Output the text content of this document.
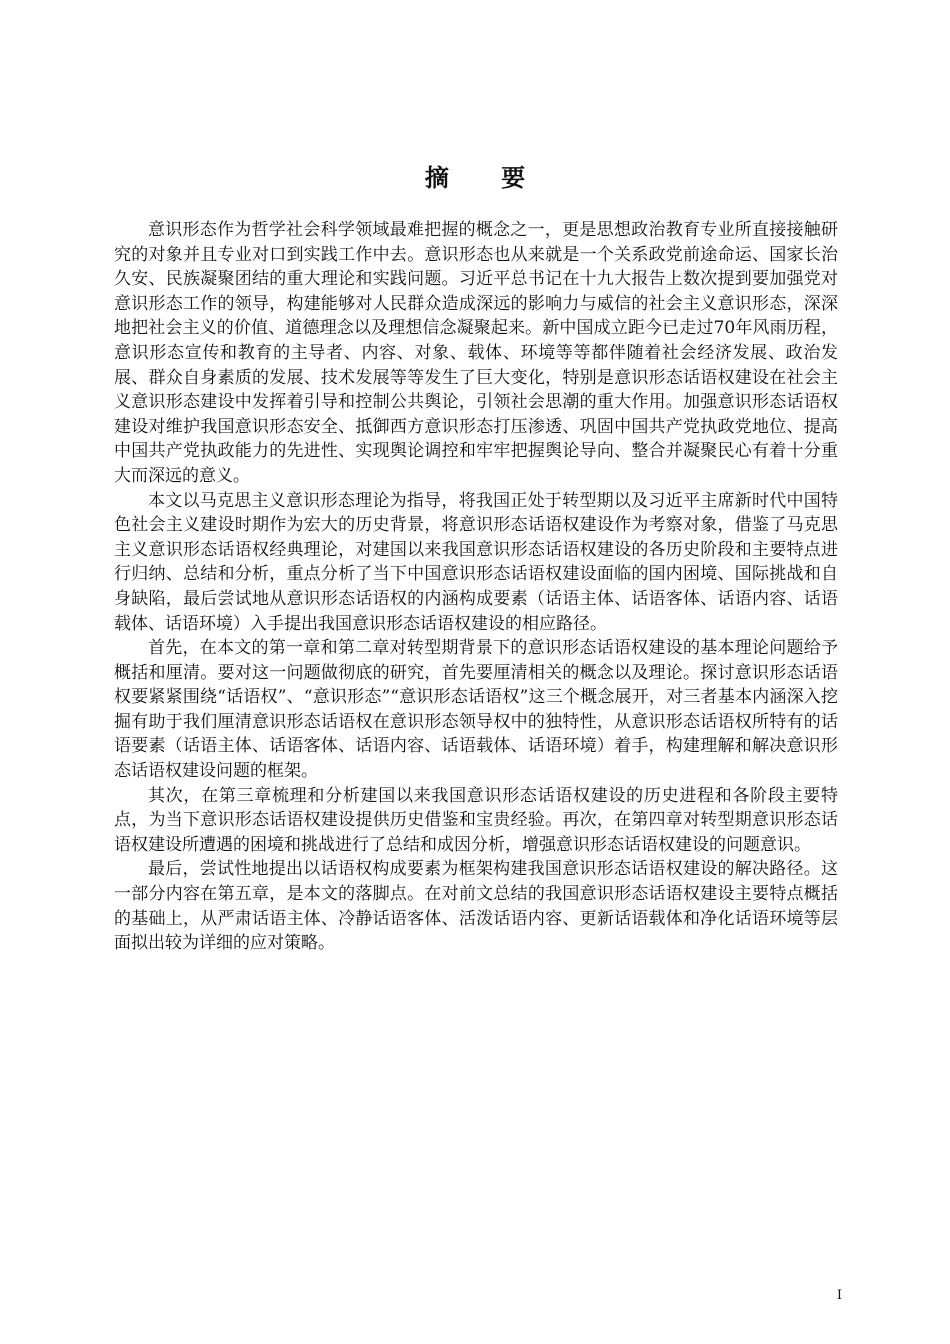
摘 要

意识形态作为哲学社会科学领域最难把握的概念之一，更是思想政治教育专业所直接接触研究的对象并且专业对口到实践工作中去。意识形态也从来就是一个关系政党前途命运、国家长治久安、民族凝聚团结的重大理论和实践问题。习近平总书记在十九大报告上数次提到要加强党对意识形态工作的领导，构建能够对人民群众造成深远的影响力与威信的社会主义意识形态，深深地把社会主义的价值、道德理念以及理想信念凝聚起来。新中国成立距今已走过70年风雨历程，意识形态宣传和教育的主导者、内容、对象、载体、环境等等都伴随着社会经济发展、政治发展、群众自身素质的发展、技术发展等等发生了巨大变化，特别是意识形态话语权建设在社会主义意识形态建设中发挥着引导和控制公共舆论，引领社会思潮的重大作用。加强意识形态话语权建设对维护我国意识形态安全、抵御西方意识形态打压渗透、巩固中国共产党执政党地位、提高中国共产党执政能力的先进性、实现舆论调控和牢牢把握舆论导向、整合并凝聚民心有着十分重大而深远的意义。

本文以马克思主义意识形态理论为指导，将我国正处于转型期以及习近平主席新时代中国特色社会主义建设时期作为宏大的历史背景，将意识形态话语权建设作为考察对象，借鉴了马克思主义意识形态话语权经典理论，对建国以来我国意识形态话语权建设的各历史阶段和主要特点进行归纳、总结和分析，重点分析了当下中国意识形态话语权建设面临的国内困境、国际挑战和自身缺陷，最后尝试地从意识形态话语权的内涵构成要素（话语主体、话语客体、话语内容、话语载体、话语环境）入手提出我国意识形态话语权建设的相应路径。

首先，在本文的第一章和第二章对转型期背景下的意识形态话语权建设的基本理论问题给予概括和厘清。要对这一问题做彻底的研究，首先要厘清相关的概念以及理论。探讨意识形态话语权要紧紧围绕“话语权”、“意识形态”“意识形态话语权”这三个概念展开，对三者基本内涵深入挖掘有助于我们厘清意识形态话语权在意识形态领导权中的独特性，从意识形态话语权所特有的话语要素（话语主体、话语客体、话语内容、话语载体、话语环境）着手，构建理解和解决意识形态话语权建设问题的框架。

其次，在第三章梳理和分析建国以来我国意识形态话语权建设的历史进程和各阶段主要特点，为当下意识形态话语权建设提供历史借鉴和宝贵经验。再次，在第四章对转型期意识形态话语权建设所遭遇的困境和挑战进行了总结和成因分析，增强意识形态话语权建设的问题意识。

最后，尝试性地提出以话语权构成要素为框架构建我国意识形态话语权建设的解决路径。这一部分内容在第五章，是本文的落脚点。在对前文总结的我国意识形态话语权建设主要特点概括的基础上，从严肃话语主体、冷静话语客体、活泼话语内容、更新话语载体和净化话语环境等层面拟出较为详细的应对策略。

I
